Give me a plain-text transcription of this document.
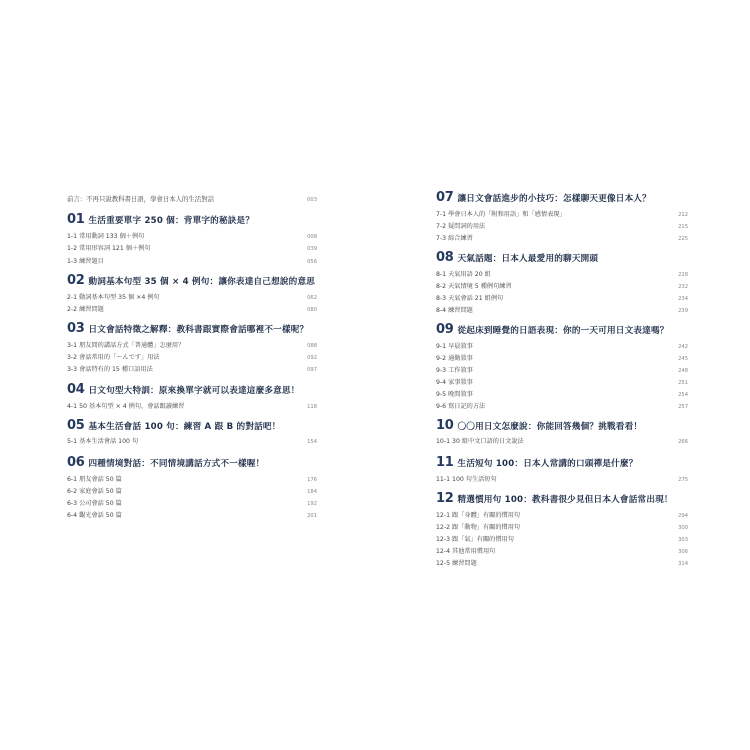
前言：不再只說教科書日語，學會日本人的生活對話	003
01 生活重要單字 250 個：背單字的秘訣是？
1-1 常用動詞 133 個＋例句	008
1-2 常用形容詞 121 個＋例句	039
1-3 練習題目	056
02 動詞基本句型 35 個 × 4 例句：讓你表達自己想說的意思
2-1 動詞基本句型 35 個 ×4 例句	062
2-2 練習問題	080
03 日文會話特徵之解釋：教科書跟實際會話哪裡不一樣呢？
3-1 朋友間的講話方式「普通體」怎麼用？	088
3-2 會話常用的「～んです」用法	092
3-3 會話特有的 15 種口語用法	097
04 日文句型大特訓：原來換單字就可以表達這麼多意思！
4-1 50 基本句型 × 4 例句，會話跟讀練習	118
05 基本生活會話 100 句：練習 A 跟 B 的對話吧！
5-1 基本生活會話 100 句	154
06 四種情境對話：不同情境講話方式不一樣喔！
6-1 朋友會話 50 篇	176
6-2 家庭會話 50 篇	184
6-3 公司會話 50 篇	192
6-4 觀光會話 50 篇	201
07 讓日文會話進步的小技巧：怎樣聊天更像日本人？
7-1 學會日本人的「附和用語」和「感情表現」	212
7-2 疑問詞的用法	215
7-3 綜合練習	225
08 天氣話題：日本人最愛用的聊天開頭
8-1 天氣用語 20 組	228
8-2 天氣情境 5 種例句練習	232
8-3 天氣會話 21 組例句	234
8-4 練習問題	239
09 從起床到睡覺的日語表現：你的一天可用日文表達嗎？
9-1 早晨敘事	242
9-2 通勤敘事	245
9-3 工作敘事	248
9-4 家事敘事	251
9-5 晚間敘事	254
9-6 寫日記的方法	257
10 〇〇用日文怎麼說：你能回答幾個？挑戰看看！
10-1 30 組中文口語的日文說法	266
11 生活短句 100：日本人常講的口頭禪是什麼？
11-1 100 句生活短句	275
12 精選慣用句 100：教科書很少見但日本人會話常出現！
12-1 跟「身體」有關的慣用句	294
12-2 跟「動物」有關的慣用句	300
12-3 跟「氣」有關的慣用句	303
12-4 其他常用慣用句	306
12-5 練習問題	314
